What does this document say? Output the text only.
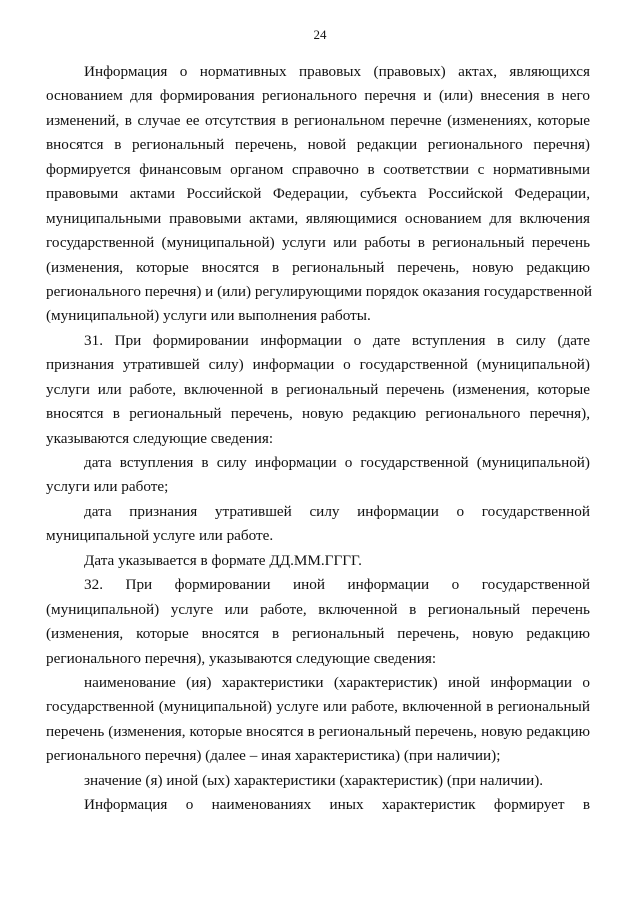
24
Информация о нормативных правовых (правовых) актах, являющихся
основанием для формирования регионального перечня и (или) внесения в него
изменений, в случае ее отсутствия в региональном перечне (изменениях, которые
вносятся в региональный перечень, новой редакции регионального перечня)
формируется финансовым органом справочно в соответствии с нормативными
правовыми актами Российской Федерации, субъекта Российской Федерации,
муниципальными правовыми актами, являющимися основанием для включения
государственной (муниципальной) услуги или работы в региональный перечень
(изменения, которые вносятся в региональный перечень, новую редакцию
регионального перечня) и (или) регулирующими порядок оказания государственной
(муниципальной) услуги или выполнения работы.
31. При формировании информации о дате вступления в силу (дате
признания утратившей силу) информации о государственной (муниципальной)
услуги или работе, включенной в региональный перечень (изменения, которые
вносятся в региональный перечень, новую редакцию регионального перечня),
указываются следующие сведения:
дата вступления в силу информации о государственной (муниципальной)
услуги или работе;
дата признания утратившей силу информации о государственной
муниципальной услуге или работе.
Дата указывается в формате ДД.ММ.ГГГГ.
32. При формировании иной информации о государственной
(муниципальной) услуге или работе, включенной в региональный перечень
(изменения, которые вносятся в региональный перечень, новую редакцию
регионального перечня), указываются следующие сведения:
наименование (ия) характеристики (характеристик) иной информации о
государственной (муниципальной) услуге или работе, включенной в региональный
перечень (изменения, которые вносятся в региональный перечень, новую редакцию
регионального перечня) (далее – иная характеристика) (при наличии);
значение (я) иной (ых) характеристики (характеристик) (при наличии).
Информация о наименованиях иных характеристик формирует в
